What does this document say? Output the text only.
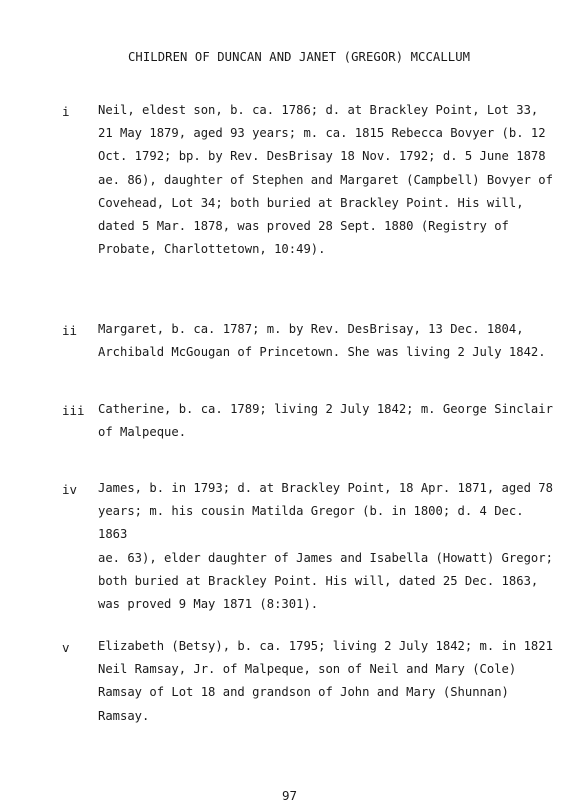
CHILDREN OF DUNCAN AND JANET (GREGOR) MCCALLUM
i Neil, eldest son, b. ca. 1786; d. at Brackley Point, Lot 33,
21 May 1879, aged 93 years; m. ca. 1815 Rebecca Bovyer (b. 12
Oct. 1792; bp. by Rev. DesBrisay 18 Nov. 1792; d. 5 June 1878
ae. 86), daughter of Stephen and Margaret (Campbell) Bovyer of
Covehead, Lot 34; both buried at Brackley Point. His will,
dated 5 Mar. 1878, was proved 28 Sept. 1880 (Registry of
Probate, Charlottetown, 10:49).
ii Margaret, b. ca. 1787; m. by Rev. DesBrisay, 13 Dec. 1804,
Archibald McGougan of Princetown. She was living 2 July 1842.
iii Catherine, b. ca. 1789; living 2 July 1842; m. George Sinclair
of Malpeque.
iv James, b. in 1793; d. at Brackley Point, 18 Apr. 1871, aged 78
years; m. his cousin Matilda Gregor (b. in 1800; d. 4 Dec. 1863
ae. 63), elder daughter of James and Isabella (Howatt) Gregor;
both buried at Brackley Point. His will, dated 25 Dec. 1863,
was proved 9 May 1871 (8:301).
v Elizabeth (Betsy), b. ca. 1795; living 2 July 1842; m. in 1821
Neil Ramsay, Jr. of Malpeque, son of Neil and Mary (Cole)
Ramsay of Lot 18 and grandson of John and Mary (Shunnan) Ramsay.
97
